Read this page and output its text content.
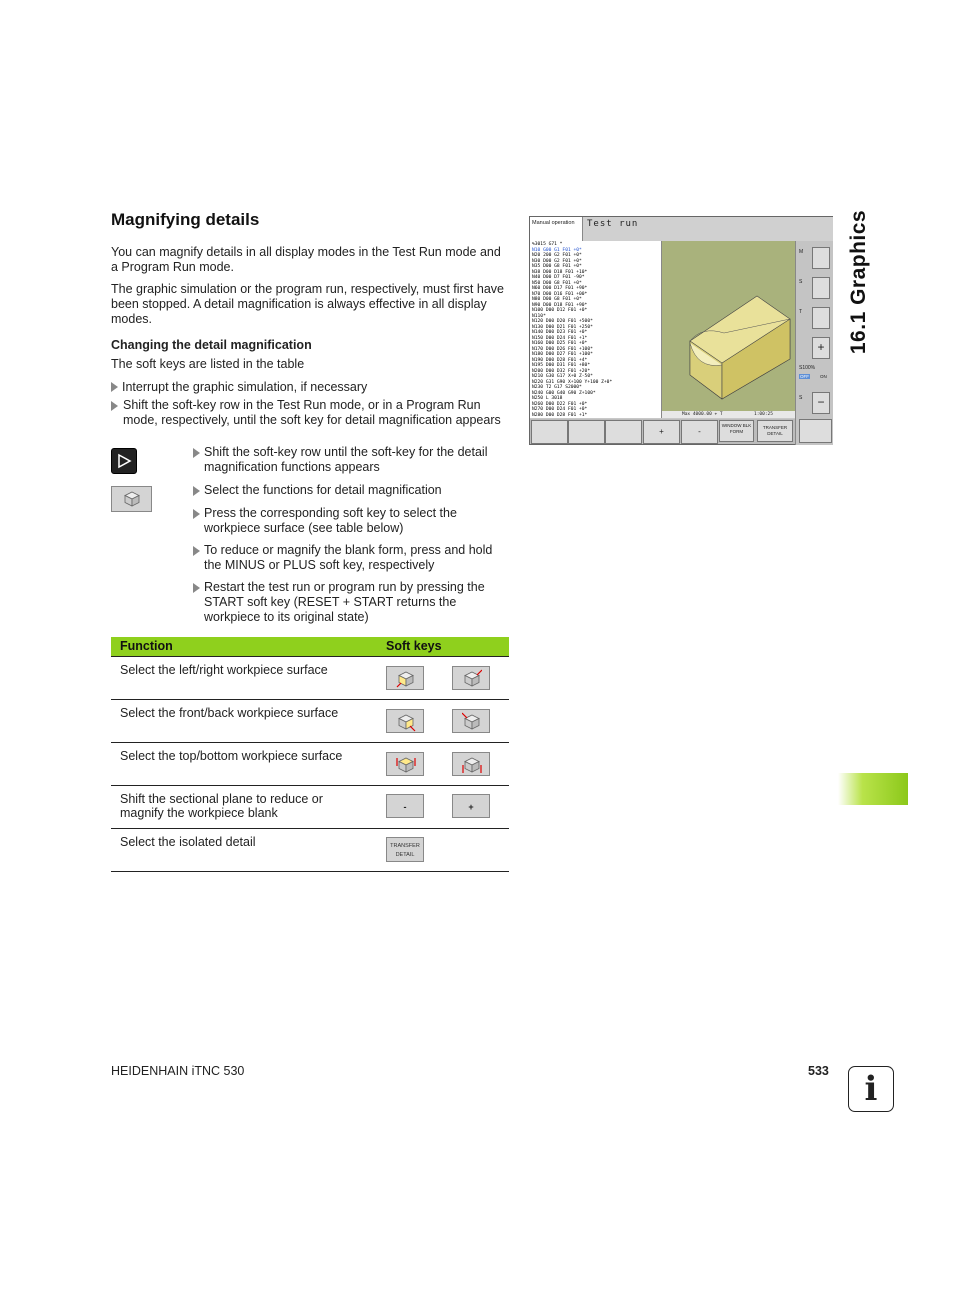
16.1 Graphics
Magnifying details
You can magnify details in all display modes in the Test Run mode and a Program Run mode.
The graphic simulation or the program run, respectively, must first have been stopped. A detail magnification is always effective in all display modes.
Changing the detail magnification
The soft keys are listed in the table
Interrupt the graphic simulation, if necessary
Shift the soft-key row in the Test Run mode, or in a Program Run mode, respectively, until the soft key for detail magnification appears
Shift the soft-key row until the soft-key for the detail magnification functions appears
Select the functions for detail magnification
Press the corresponding soft key to select the workpiece surface (see table below)
To reduce or magnify the blank form, press and hold the MINUS or PLUS soft key, respectively
Restart the test run or program run by pressing the START soft key (RESET + START returns the workpiece to its original state)
Function	Soft keys
Select the left/right workpiece surface
Select the front/back workpiece surface
Select the top/bottom workpiece surface
Shift the sectional plane to reduce or magnify the workpiece blank	-	+
Select the isolated detail	TRANSFER DETAIL
Manual operation	Test run
%3015 G71 *
N10 G00 G1 F01 +0*
N20 200 G2 F01 +0*
N30 D00 G2 F01 +0*
N35 D00 G8 F01 +0*
N38 D00 D18 F01 +10*
N40 D00 D7 F01 -90*
N50 D00 G8 F01 +0*
N60 D00 D17 F01 +90*
N70 D00 D16 F01 +00*
N80 D00 G8 F01 +0*
N90 D00 D18 F01 +90*
N100 D00 D12 F01 +0*
N110*
N120 D00 D20 F01 +500*
N130 D00 D21 F01 +250*
N140 D00 D23 F01 +0*
N150 D00 D24 F01 +1*
N160 D00 D25 F01 +0*
N170 D00 D26 F01 +100*
N180 D00 D27 F01 +100*
N190 D00 D28 F01 +4*
N195 D00 D31 F01 +80*
N200 D00 D32 F01 +20*
N210 G30 G17 X+0 Z-50*
N220 G31 G90 X+100 Y+100 Z+0*
N230 T2 G17 S2000*
N240 G00 G40 G90 Z+100*
N250 L 3018
N260 D00 D22 F01 +0*
N270 D00 D24 F01 +0*
N280 D00 D28 F01 +1*	Max 4000.00 + T	1:00:25
M
S
T
S100%
OFF ON
S
+
−
+	-
WINDOW BLK FORM
TRANSFER DETAIL
HEIDENHAIN iTNC 530	533	i
